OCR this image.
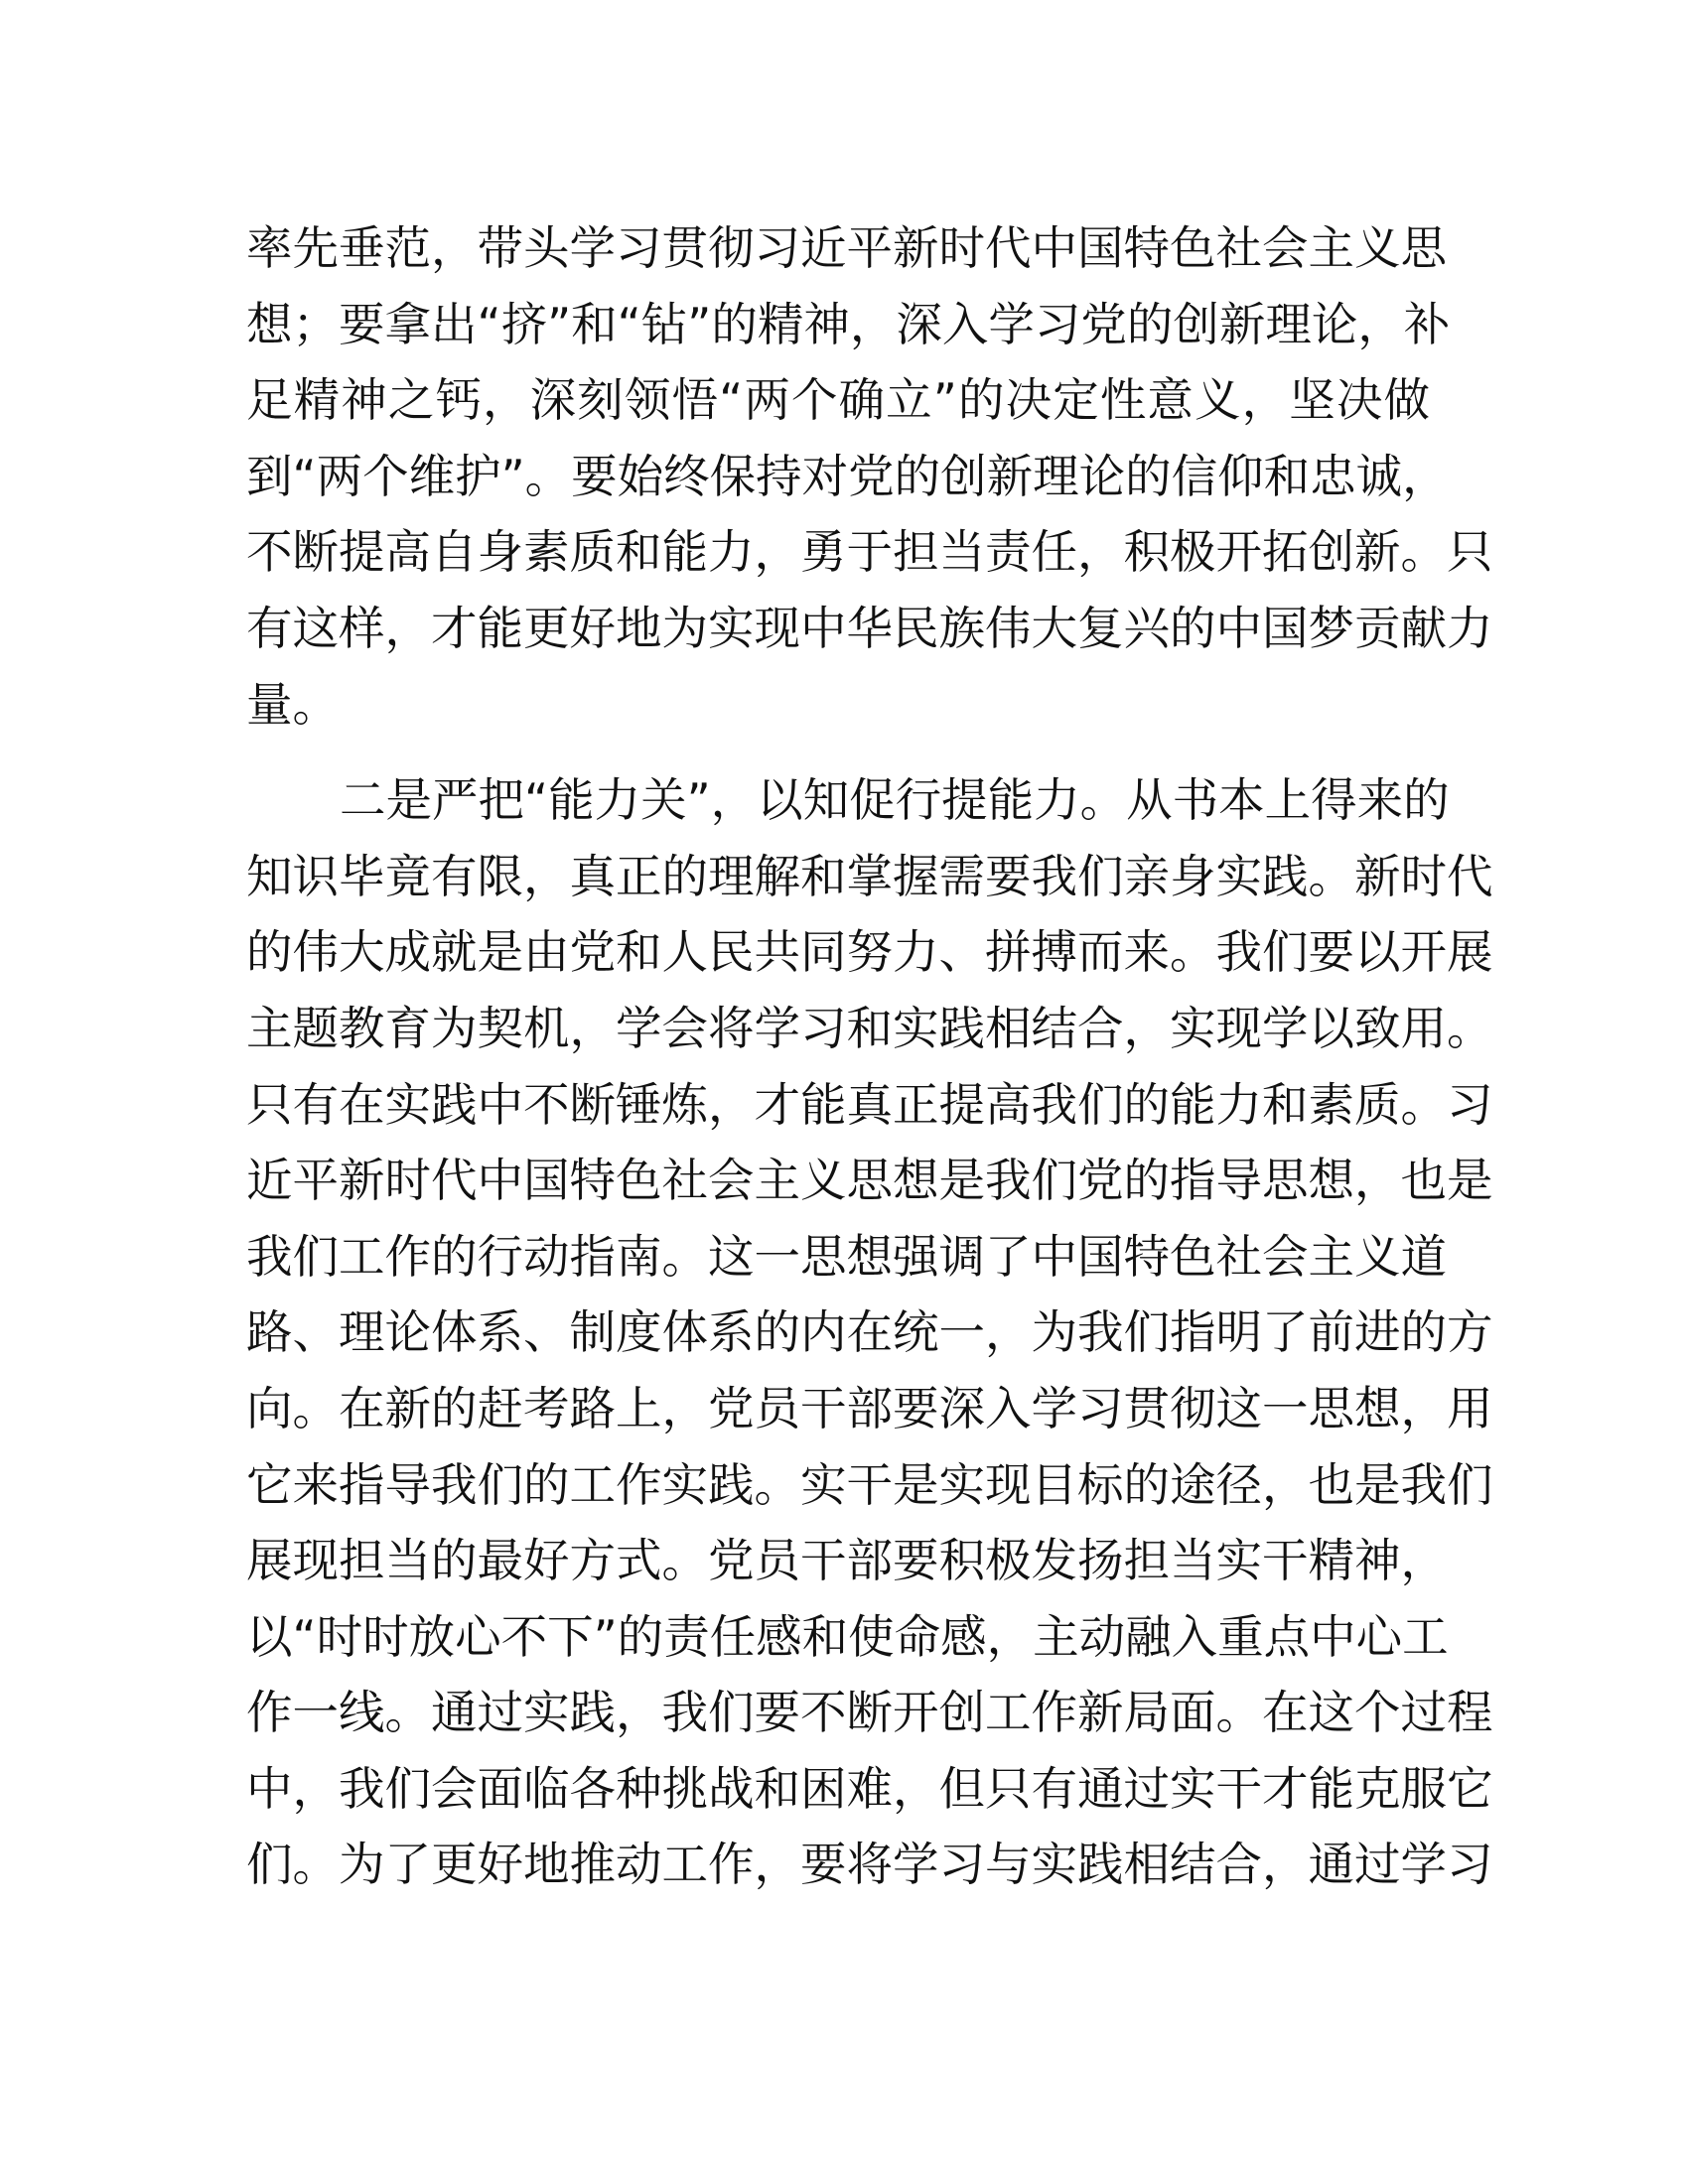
率先垂范，带头学习贯彻习近平新时代中国特色社会主义思
想；要拿出“挤”和“钻”的精神，深入学习党的创新理论，补
足精神之钙，深刻领悟“两个确立”的决定性意义，坚决做
到“两个维护”。要始终保持对党的创新理论的信仰和忠诚，
不断提高自身素质和能力，勇于担当责任，积极开拓创新。只
有这样，才能更好地为实现中华民族伟大复兴的中国梦贡献力
量。
二是严把“能力关”，以知促行提能力。从书本上得来的
知识毕竟有限，真正的理解和掌握需要我们亲身实践。新时代
的伟大成就是由党和人民共同努力、拼搏而来。我们要以开展
主题教育为契机，学会将学习和实践相结合，实现学以致用。
只有在实践中不断锤炼，才能真正提高我们的能力和素质。习
近平新时代中国特色社会主义思想是我们党的指导思想，也是
我们工作的行动指南。这一思想强调了中国特色社会主义道
路、理论体系、制度体系的内在统一，为我们指明了前进的方
向。在新的赶考路上，党员干部要深入学习贯彻这一思想，用
它来指导我们的工作实践。实干是实现目标的途径，也是我们
展现担当的最好方式。党员干部要积极发扬担当实干精神，
以“时时放心不下”的责任感和使命感，主动融入重点中心工
作一线。通过实践，我们要不断开创工作新局面。在这个过程
中，我们会面临各种挑战和困难，但只有通过实干才能克服它
们。为了更好地推动工作，要将学习与实践相结合，通过学习
